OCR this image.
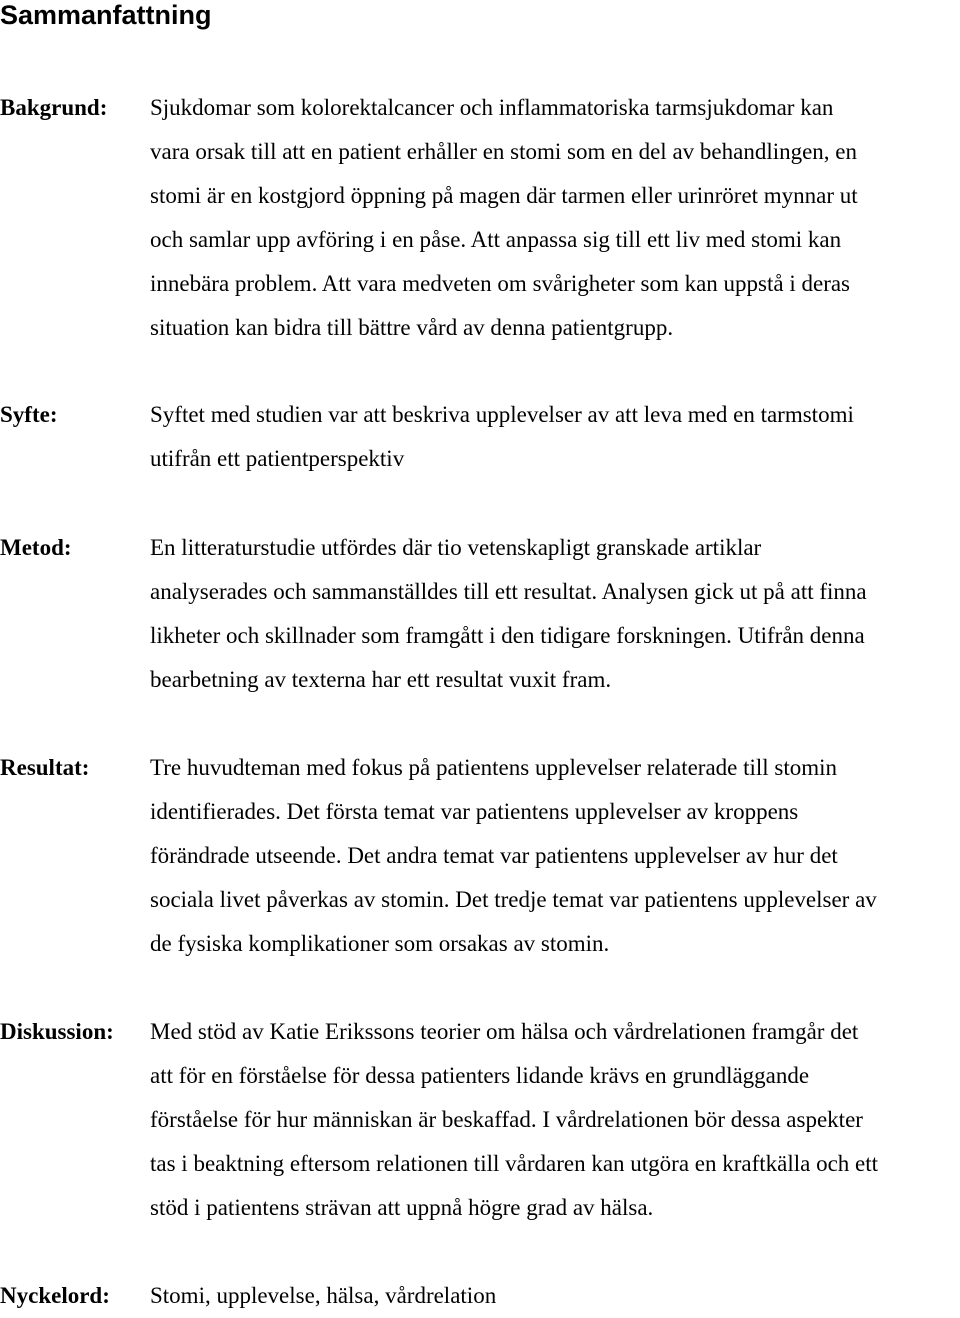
Sammanfattning
Bakgrund: Sjukdomar som kolorektalcancer och inflammatoriska tarmsjukdomar kan
vara orsak till att en patient erhåller en stomi som en del av behandlingen, en
stomi är en kostgjord öppning på magen där tarmen eller urinröret mynnar ut
och samlar upp avföring i en påse. Att anpassa sig till ett liv med stomi kan
innebära problem. Att vara medveten om svårigheter som kan uppstå i deras
situation kan bidra till bättre vård av denna patientgrupp.

Syfte:	Syftet med studien var att beskriva upplevelser av att leva med en tarmstomi
utifrån ett patientperspektiv

Metod:	En litteraturstudie utfördes där tio vetenskapligt granskade artiklar
analyserades och sammanställdes till ett resultat. Analysen gick ut på att finna
likheter och skillnader som framgått i den tidigare forskningen. Utifrån denna
bearbetning av texterna har ett resultat vuxit fram.

Resultat:	Tre huvudteman med fokus på patientens upplevelser relaterade till stomin
identifierades. Det första temat var patientens upplevelser av kroppens
förändrade utseende. Det andra temat var patientens upplevelser av hur det
sociala livet påverkas av stomin. Det tredje temat var patientens upplevelser av
de fysiska komplikationer som orsakas av stomin.

Diskussion: Med stöd av Katie Erikssons teorier om hälsa och vårdrelationen framgår det
att för en förståelse för dessa patienters lidande krävs en grundläggande
förståelse för hur människan är beskaffad. I vårdrelationen bör dessa aspekter
tas i beaktning eftersom relationen till vårdaren kan utgöra en kraftkälla och ett
stöd i patientens strävan att uppnå högre grad av hälsa.

Nyckelord: Stomi, upplevelse, hälsa, vårdrelation
